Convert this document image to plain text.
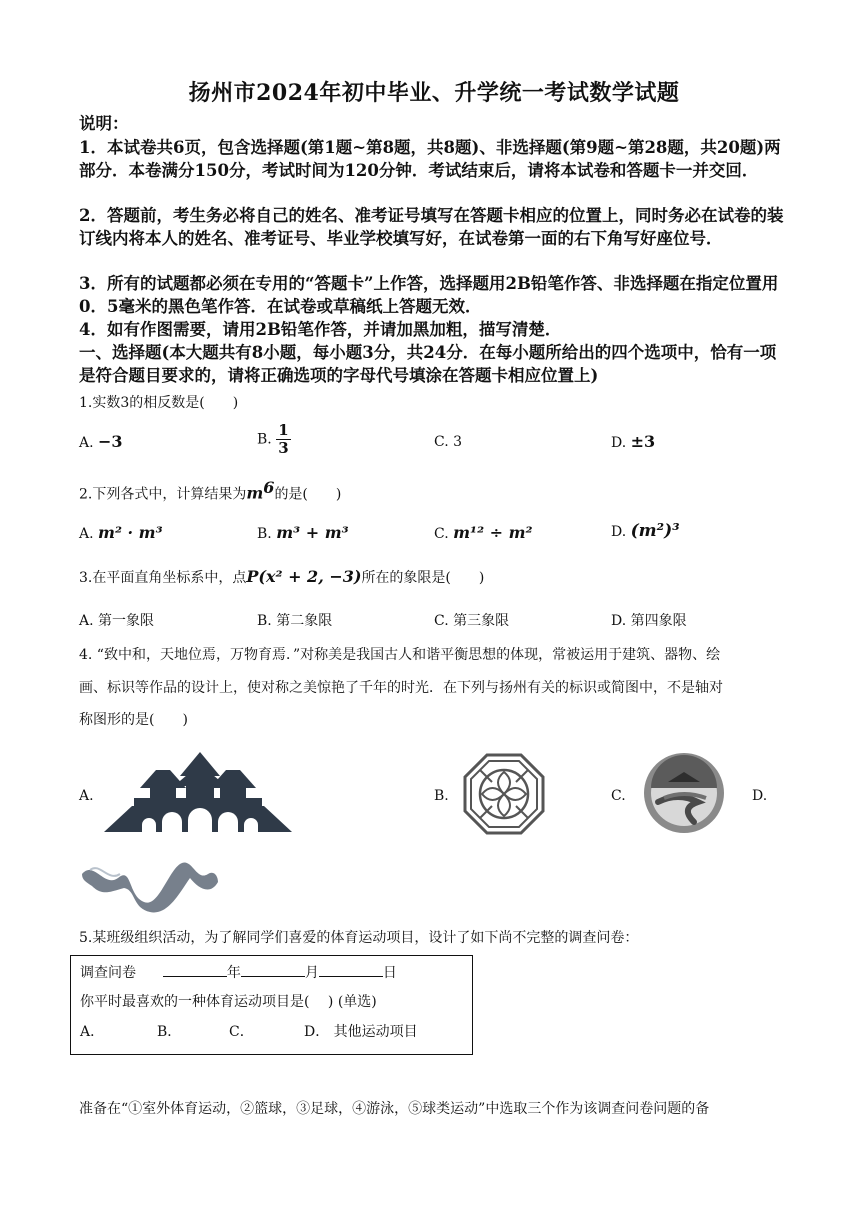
扬州市2024年初中毕业、升学统一考试数学试题
说明：
1．本试卷共6页，包含选择题(第1题~第8题，共8题)、非选择题(第9题~第28题，共20题)两部分．本卷满分150分，考试时间为120分钟．考试结束后，请将本试卷和答题卡一并交回．
2．答题前，考生务必将自己的姓名、准考证号填写在答题卡相应的位置上，同时务必在试卷的装订线内将本人的姓名、准考证号、毕业学校填写好，在试卷第一面的右下角写好座位号．
3．所有的试题都必须在专用的“答题卡”上作答，选择题用2B铅笔作答、非选择题在指定位置用0．5毫米的黑色笔作答．在试卷或草稿纸上答题无效．
4．如有作图需要，请用2B铅笔作答，并请加黑加粗，描写清楚．
一、选择题(本大题共有8小题，每小题3分，共24分．在每小题所给出的四个选项中，恰有一项是符合题目要求的，请将正确选项的字母代号填涂在答题卡相应位置上)
1.实数3的相反数是(　　)
A. −3	B. $\frac{1}{3}$	C. 3	D. ±3
2.下列各式中，计算结果为$m^6$的是(　　)
A. m² · m³	B. m³ + m³	C. m¹² ÷ m²	D. (m²)³
3.在平面直角坐标系中，点P(x² + 2, −3)所在的象限是(　　)
A. 第一象限	B. 第二象限	C. 第三象限	D. 第四象限
4. “致中和，天地位焉，万物育焉．”对称美是我国古人和谐平衡思想的体现，常被运用于建筑、器物、绘
画、标识等作品的设计上，使对称之美惊艳了千年的时光．在下列与扬州有关的标识或简图中，不是轴对
称图形的是(　　)
A.	B.	C.	D.
5.某班级组织活动，为了解同学们喜爱的体育运动项目，设计了如下尚不完整的调查问卷：
调查问卷	年	月	日
你平时最喜欢的一种体育运动项目是(　 ) (单选)
A．	B．	C．	D． 其他运动项目
准备在“①室外体育运动，②篮球，③足球，④游泳，⑤球类运动”中选取三个作为该调查问卷问题的备
